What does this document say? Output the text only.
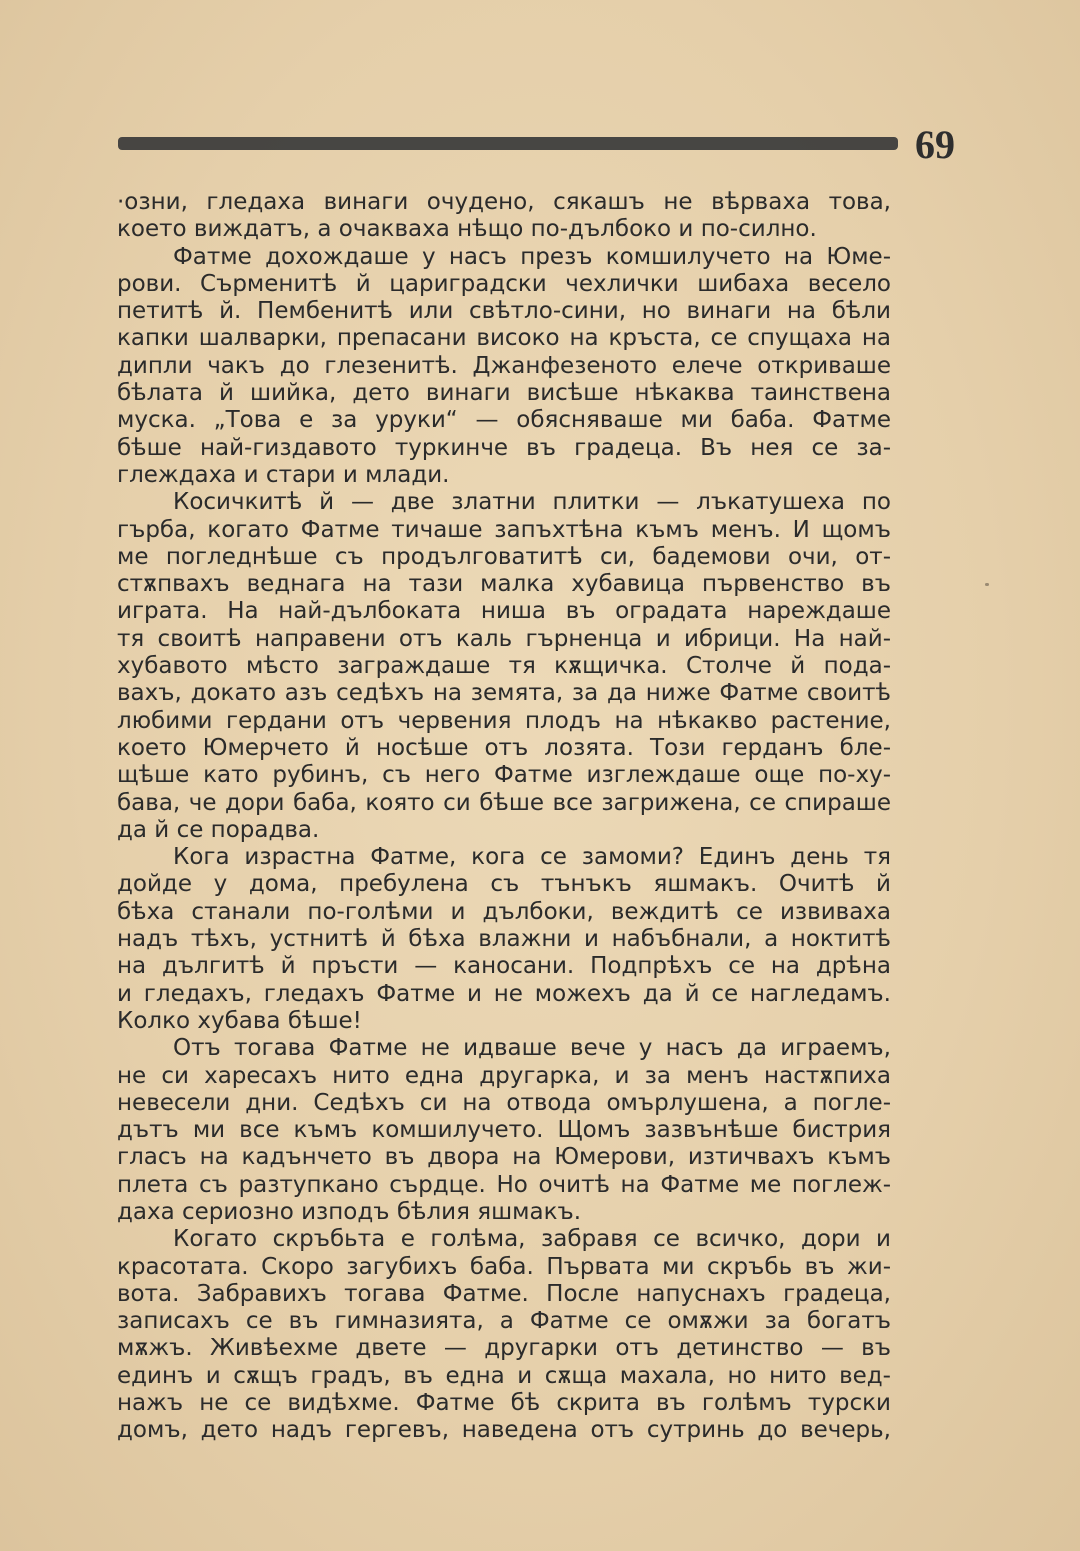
69
·озни, гледаха винаги очудено, сякашъ не вѣрваха това,
което виждатъ, а очакваха нѣщо по-дълбоко и по-силно.
Фатме дохождаше у насъ презъ комшилучето на Юме-
рови. Сърменитѣ й цариградски чехлички шибаха весело
петитѣ й. Пембенитѣ или свѣтло-сини, но винаги на бѣли
капки шалварки, препасани високо на кръста, се спущаха на
дипли чакъ до глезенитѣ. Джанфезеното елече откриваше
бѣлата й шийка, дето винаги висѣше нѣкаква таинствена
муска. „Това е за уруки“ — обясняваше ми баба. Фатме
бѣше най-гиздавото туркинче въ градеца. Въ нея се за-
глеждаха и стари и млади.
Косичкитѣ й — две златни плитки — лъкатушеха по
гърба, когато Фатме тичаше запъхтѣна къмъ менъ. И щомъ
ме погледнѣше съ продълговатитѣ си, бадемови очи, от-
стѫпвахъ веднага на тази малка хубавица първенство въ
играта. На най-дълбоката ниша въ оградата нареждаше
тя своитѣ направени отъ каль гърненца и ибрици. На най-
хубавото мѣсто заграждаше тя кѫщичка. Столче й пода-
вахъ, докато азъ седѣхъ на земята, за да ниже Фатме своитѣ
любими гердани отъ червения плодъ на нѣкакво растение,
което Юмерчето й носѣше отъ лозята. Този герданъ бле-
щѣше като рубинъ, съ него Фатме изглеждаше още по-ху-
бава, че дори баба, която си бѣше все загрижена, се спираше
да й се порадва.
Кога израстна Фатме, кога се замоми? Единъ день тя
дойде у дома, пребулена съ тънъкъ яшмакъ. Очитѣ й
бѣха станали по-голѣми и дълбоки, веждитѣ се извиваха
надъ тѣхъ, устнитѣ й бѣха влажни и набъбнали, а ноктитѣ
на дългитѣ й пръсти — каносани. Подпрѣхъ се на дрѣна
и гледахъ, гледахъ Фатме и не можехъ да й се нагледамъ.
Колко хубава бѣше!
Отъ тогава Фатме не идваше вече у насъ да играемъ,
не си харесахъ нито една другарка, и за менъ настѫпиха
невесели дни. Седѣхъ си на отвода омърлушена, а погле-
дътъ ми все къмъ комшилучето. Щомъ зазвънѣше бистрия
гласъ на кадънчето въ двора на Юмерови, изтичвахъ къмъ
плета съ разтупкано сърдце. Но очитѣ на Фатме ме поглеж-
даха сериозно изподъ бѣлия яшмакъ.
Когато скръбьта е голѣма, забравя се всичко, дори и
красотата. Скоро загубихъ баба. Първата ми скръбь въ жи-
вота. Забравихъ тогава Фатме. После напуснахъ градеца,
записахъ се въ гимназията, а Фатме се омѫжи за богатъ
мѫжъ. Живѣехме двете — другарки отъ детинство — въ
единъ и сѫщъ градъ, въ една и сѫща махала, но нито вед-
нажъ не се видѣхме. Фатме бѣ скрита въ голѣмъ турски
домъ, дето надъ гергевъ, наведена отъ сутринь до вечерь,
